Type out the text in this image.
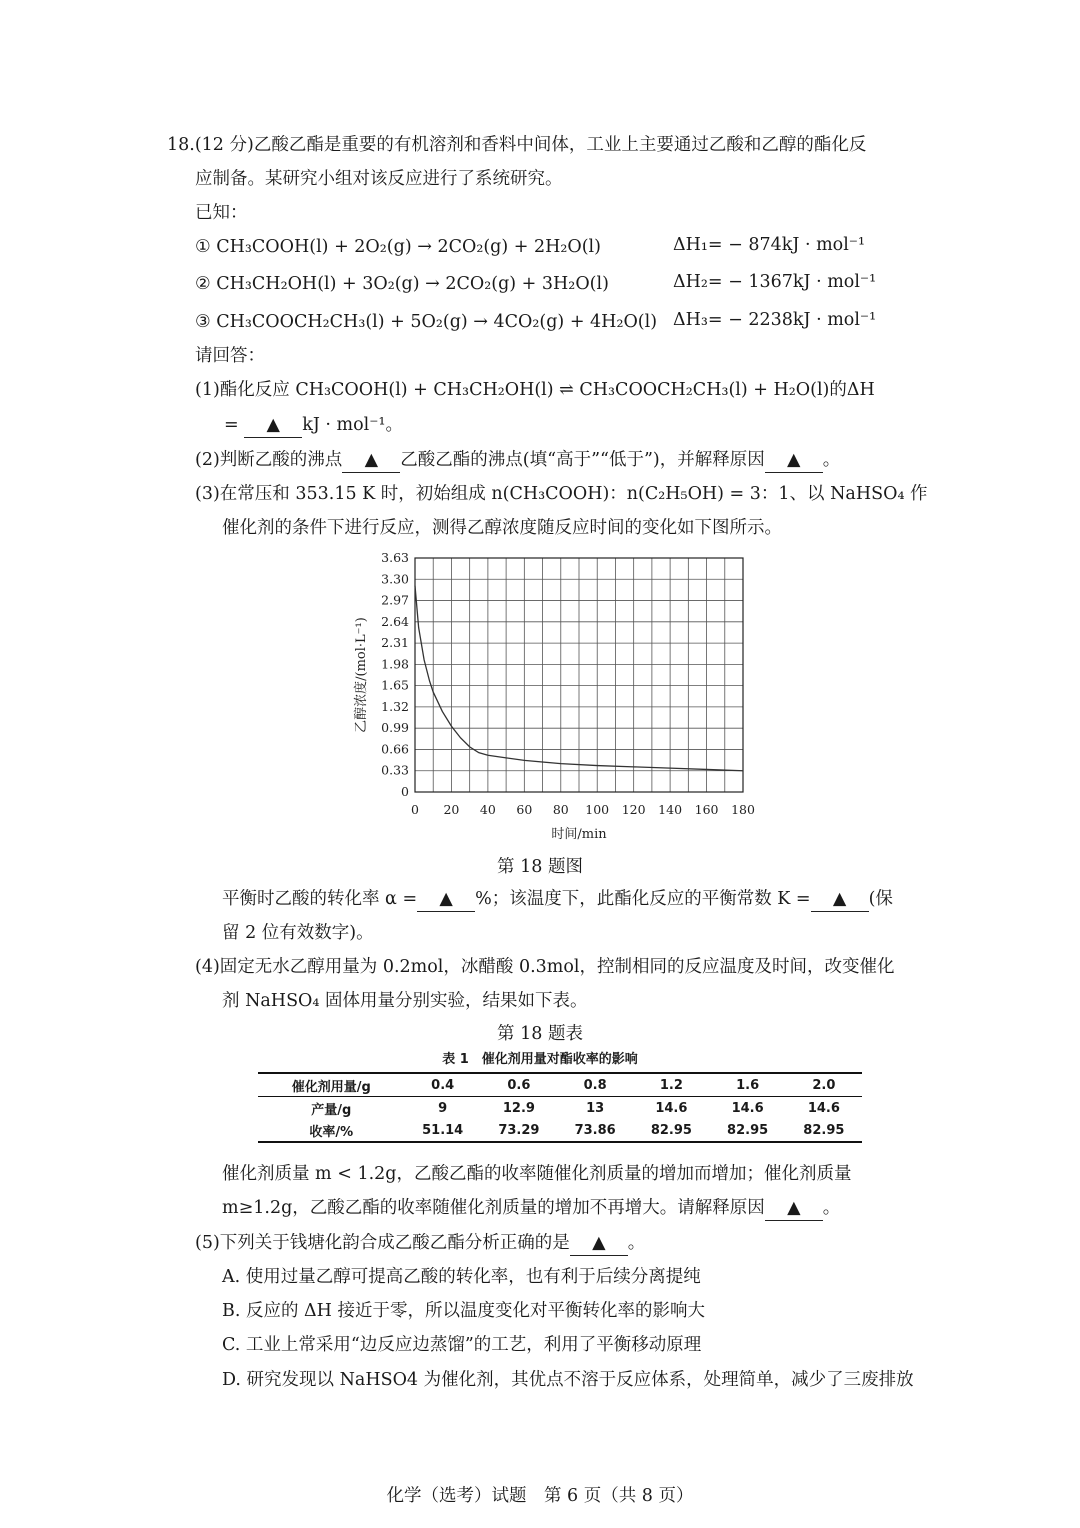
18.(12 分)乙酸乙酯是重要的有机溶剂和香料中间体，工业上主要通过乙酸和乙醇的酯化反
应制备。某研究小组对该反应进行了系统研究。
已知：
① CH₃COOH(l) + 2O₂(g) → 2CO₂(g) + 2H₂O(l)	ΔH₁= − 874kJ · mol⁻¹
② CH₃CH₂OH(l) + 3O₂(g) → 2CO₂(g) + 3H₂O(l)	ΔH₂= − 1367kJ · mol⁻¹
③ CH₃COOCH₂CH₃(l) + 5O₂(g) → 4CO₂(g) + 4H₂O(l) ΔH₃= − 2238kJ · mol⁻¹
请回答：
(1)酯化反应 CH₃COOH(l) + CH₃CH₂OH(l) ⇌ CH₃COOCH₂CH₃(l) + H₂O(l)的ΔH
= ▲ kJ · mol⁻¹。
(2)判断乙酸的沸点 ▲ 乙酸乙酯的沸点(填“高于”“低于”)，并解释原因 ▲ 。
(3)在常压和 353.15 K 时，初始组成 n(CH₃COOH)：n(C₂H₅OH) = 3：1、以 NaHSO₄ 作
催化剂的条件下进行反应，测得乙醇浓度随反应时间的变化如下图所示。
0
0.33
0.66
0.99
1.32
1.65
1.98
2.31
2.64
2.97
3.30
3.63
0 20 40 60 80 100 120 140 160 180
时间/min
乙醇浓度/(mol·L⁻¹)
第 18 题图
平衡时乙酸的转化率 α = ▲ %；该温度下，此酯化反应的平衡常数 K = ▲ (保
留 2 位有效数字)。
(4)固定无水乙醇用量为 0.2mol，冰醋酸 0.3mol，控制相同的反应温度及时间，改变催化
剂 NaHSO₄ 固体用量分别实验，结果如下表。
第 18 题表
表 1　催化剂用量对酯收率的影响
催化剂用量/g	0.4	0.6	0.8	1.2	1.6	2.0
产量/g	9	12.9	13	14.6	14.6	14.6
收率/%	51.14	73.29	73.86	82.95	82.95	82.95
催化剂质量 m < 1.2g，乙酸乙酯的收率随催化剂质量的增加而增加；催化剂质量
m≥1.2g，乙酸乙酯的收率随催化剂质量的增加不再增大。请解释原因 ▲ 。
(5)下列关于钱塘化韵合成乙酸乙酯分析正确的是 ▲ 。
A. 使用过量乙醇可提高乙酸的转化率，也有利于后续分离提纯
B. 反应的 ΔH 接近于零，所以温度变化对平衡转化率的影响大
C. 工业上常采用“边反应边蒸馏”的工艺，利用了平衡移动原理
D. 研究发现以 NaHSO4 为催化剂，其优点不溶于反应体系，处理简单，减少了三废排放
化学（选考）试题　第 6 页（共 8 页）
